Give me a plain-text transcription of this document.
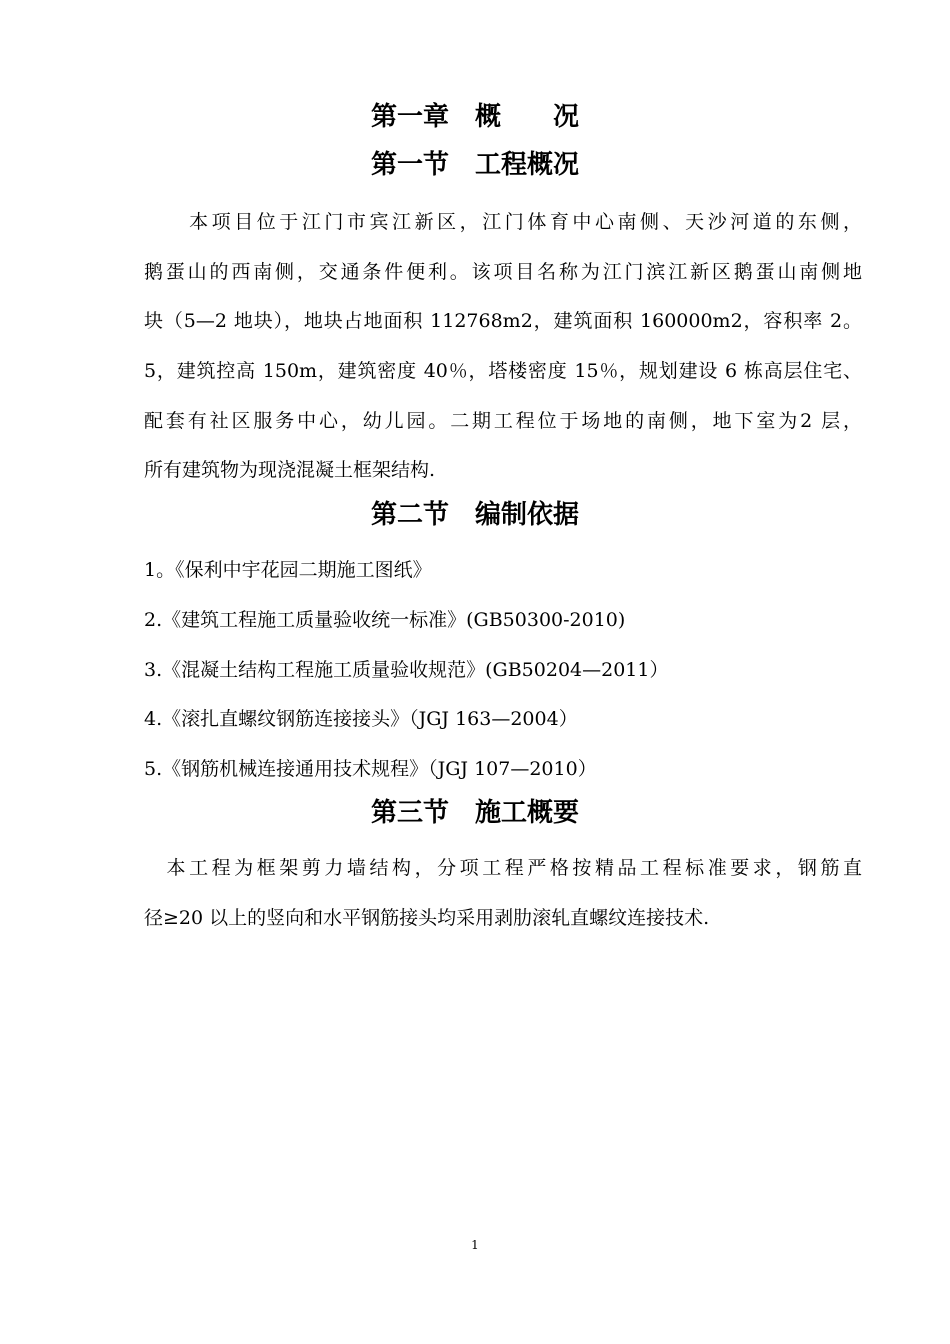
第一章　概　　况
第一节　工程概况
　　本项目位于江门市宾江新区，江门体育中心南侧、天沙河道的东侧，
鹅蛋山的西南侧，交通条件便利。该项目名称为江门滨江新区鹅蛋山南侧地
块（5—2 地块），地块占地面积 112768m2，建筑面积 160000m2，容积率 2。
5，建筑控高 150m，建筑密度 40％，塔楼密度 15％，规划建设 6 栋高层住宅、
配套有社区服务中心，幼儿园。二期工程位于场地的南侧，地下室为2 层，
所有建筑物为现浇混凝土框架结构.
第二节　编制依据
1。《保利中宇花园二期施工图纸》
2.《建筑工程施工质量验收统一标准》(GB50300-2010)
3.《混凝土结构工程施工质量验收规范》(GB50204—2011）
4.《滚扎直螺纹钢筋连接接头》（JGJ 163—2004）
5.《钢筋机械连接通用技术规程》（JGJ 107—2010）
第三节　施工概要
　本工程为框架剪力墙结构，分项工程严格按精品工程标准要求，钢筋直
径≥20 以上的竖向和水平钢筋接头均采用剥肋滚轧直螺纹连接技术.
1
